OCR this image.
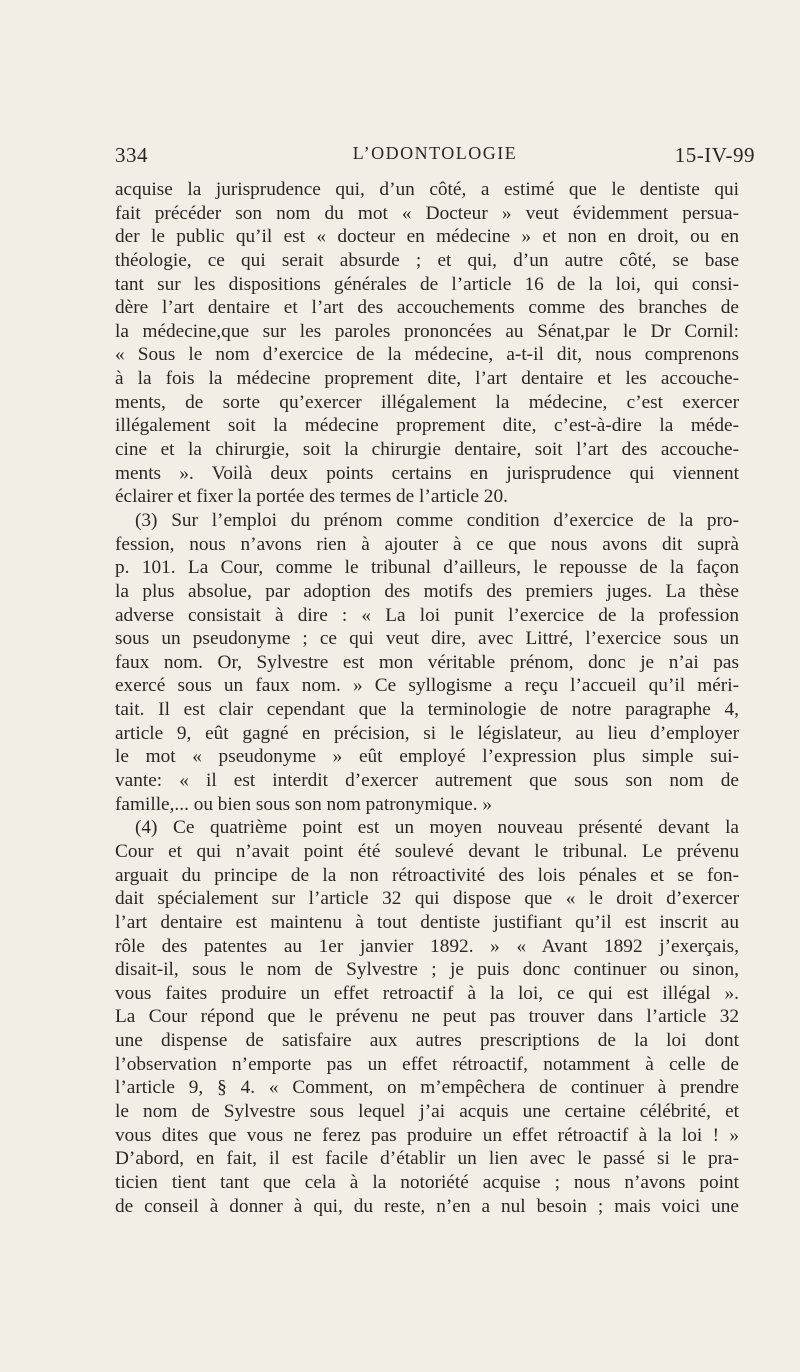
334	L’ODONTOLOGIE	15-IV-99
acquise la jurisprudence qui, d’un côté, a estimé que le dentiste qui
fait précéder son nom du mot « Docteur » veut évidemment persua-
der le public qu’il est « docteur en médecine » et non en droit, ou en
théologie, ce qui serait absurde ; et qui, d’un autre côté, se base
tant sur les dispositions générales de l’article 16 de la loi, qui consi-
dère l’art dentaire et l’art des accouchements comme des branches de
la médecine,que sur les paroles prononcées au Sénat,par le Dr Cornil:
« Sous le nom d’exercice de la médecine, a-t-il dit, nous comprenons
à la fois la médecine proprement dite, l’art dentaire et les accouche-
ments, de sorte qu’exercer illégalement la médecine, c’est exercer
illégalement soit la médecine proprement dite, c’est-à-dire la méde-
cine et la chirurgie, soit la chirurgie dentaire, soit l’art des accouche-
ments ». Voilà deux points certains en jurisprudence qui viennent
éclairer et fixer la portée des termes de l’article 20.
(3) Sur l’emploi du prénom comme condition d’exercice de la pro-
fession, nous n’avons rien à ajouter à ce que nous avons dit suprà
p. 101. La Cour, comme le tribunal d’ailleurs, le repousse de la façon
la plus absolue, par adoption des motifs des premiers juges. La thèse
adverse consistait à dire : « La loi punit l’exercice de la profession
sous un pseudonyme ; ce qui veut dire, avec Littré, l’exercice sous un
faux nom. Or, Sylvestre est mon véritable prénom, donc je n’ai pas
exercé sous un faux nom. » Ce syllogisme a reçu l’accueil qu’il méri-
tait. Il est clair cependant que la terminologie de notre paragraphe 4,
article 9, eût gagné en précision, si le législateur, au lieu d’employer
le mot « pseudonyme » eût employé l’expression plus simple sui-
vante: « il est interdit d’exercer autrement que sous son nom de
famille,... ou bien sous son nom patronymique. »
(4) Ce quatrième point est un moyen nouveau présenté devant la
Cour et qui n’avait point été soulevé devant le tribunal. Le prévenu
arguait du principe de la non rétroactivité des lois pénales et se fon-
dait spécialement sur l’article 32 qui dispose que « le droit d’exercer
l’art dentaire est maintenu à tout dentiste justifiant qu’il est inscrit au
rôle des patentes au 1er janvier 1892. » « Avant 1892 j’exerçais,
disait-il, sous le nom de Sylvestre ; je puis donc continuer ou sinon,
vous faites produire un effet retroactif à la loi, ce qui est illégal ».
La Cour répond que le prévenu ne peut pas trouver dans l’article 32
une dispense de satisfaire aux autres prescriptions de la loi dont
l’observation n’emporte pas un effet rétroactif, notamment à celle de
l’article 9, § 4. « Comment, on m’empêchera de continuer à prendre
le nom de Sylvestre sous lequel j’ai acquis une certaine célébrité, et
vous dites que vous ne ferez pas produire un effet rétroactif à la loi ! »
D’abord, en fait, il est facile d’établir un lien avec le passé si le pra-
ticien tient tant que cela à la notoriété acquise ; nous n’avons point
de conseil à donner à qui, du reste, n’en a nul besoin ; mais voici une
